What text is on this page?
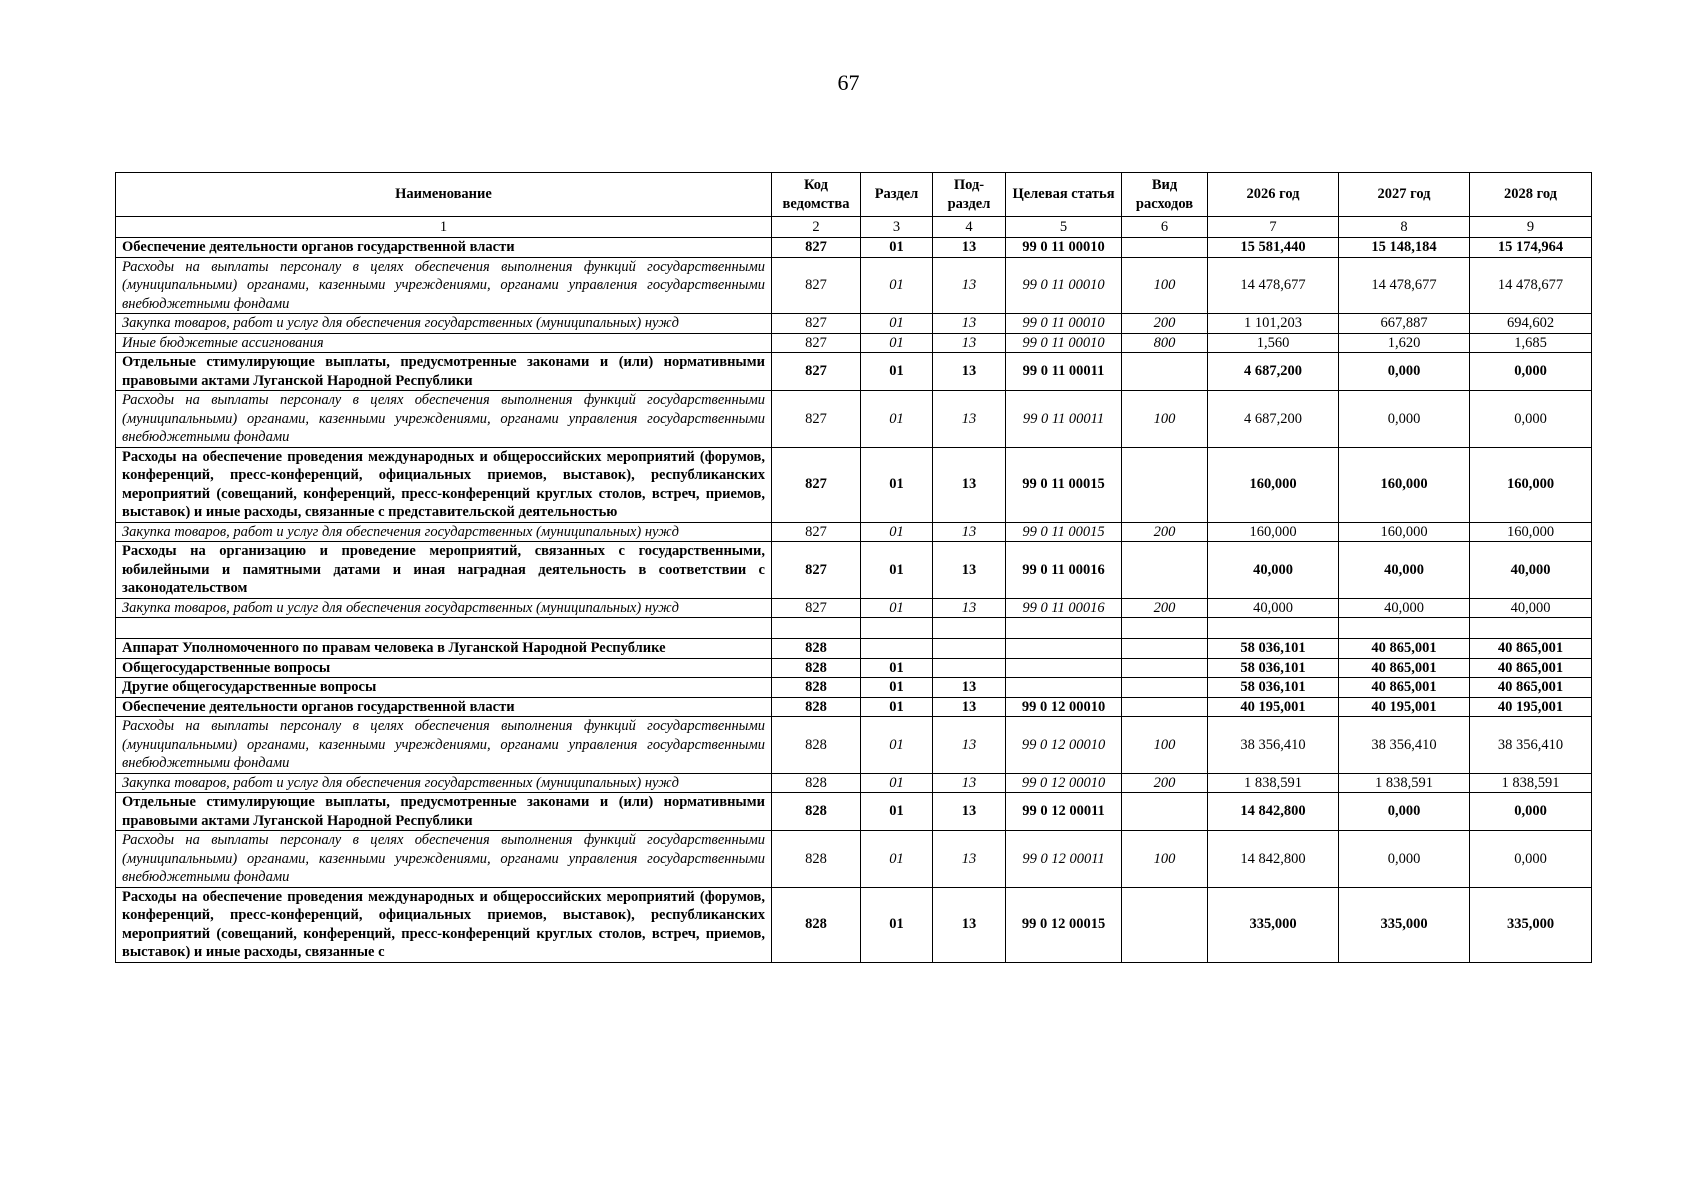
67
Наименование	Код ведомства	Раздел	Под-раздел	Целевая статья	Вид расходов	2026 год	2027 год	2028 год
1	2	3	4	5	6	7	8	9
Обеспечение деятельности органов государственной власти	827	01	13	99 0 11 00010		15 581,440	15 148,184	15 174,964
Расходы на выплаты персоналу в целях обеспечения выполнения функций государственными (муниципальными) органами, казенными учреждениями, органами управления государственными внебюджетными фондами	827	01	13	99 0 11 00010	100	14 478,677	14 478,677	14 478,677
Закупка товаров, работ и услуг для обеспечения государственных (муниципальных) нужд	827	01	13	99 0 11 00010	200	1 101,203	667,887	694,602
Иные бюджетные ассигнования	827	01	13	99 0 11 00010	800	1,560	1,620	1,685
Отдельные стимулирующие выплаты, предусмотренные законами и (или) нормативными правовыми актами Луганской Народной Республики	827	01	13	99 0 11 00011		4 687,200	0,000	0,000
Расходы на выплаты персоналу в целях обеспечения выполнения функций государственными (муниципальными) органами, казенными учреждениями, органами управления государственными внебюджетными фондами	827	01	13	99 0 11 00011	100	4 687,200	0,000	0,000
Расходы на обеспечение проведения международных и общероссийских мероприятий (форумов, конференций, пресс-конференций, официальных приемов, выставок), республиканских мероприятий (совещаний, конференций, пресс-конференций круглых столов, встреч, приемов, выставок) и иные расходы, связанные с представительской деятельностью	827	01	13	99 0 11 00015		160,000	160,000	160,000
Закупка товаров, работ и услуг для обеспечения государственных (муниципальных) нужд	827	01	13	99 0 11 00015	200	160,000	160,000	160,000
Расходы на организацию и проведение мероприятий, связанных с государственными, юбилейными и памятными датами и иная наградная деятельность в соответствии с законодательством	827	01	13	99 0 11 00016		40,000	40,000	40,000
Закупка товаров, работ и услуг для обеспечения государственных (муниципальных) нужд	827	01	13	99 0 11 00016	200	40,000	40,000	40,000

Аппарат Уполномоченного по правам человека в Луганской Народной Республике	828					58 036,101	40 865,001	40 865,001
Общегосударственные вопросы	828	01				58 036,101	40 865,001	40 865,001
Другие общегосударственные вопросы	828	01	13			58 036,101	40 865,001	40 865,001
Обеспечение деятельности органов государственной власти	828	01	13	99 0 12 00010		40 195,001	40 195,001	40 195,001
Расходы на выплаты персоналу в целях обеспечения выполнения функций государственными (муниципальными) органами, казенными учреждениями, органами управления государственными внебюджетными фондами	828	01	13	99 0 12 00010	100	38 356,410	38 356,410	38 356,410
Закупка товаров, работ и услуг для обеспечения государственных (муниципальных) нужд	828	01	13	99 0 12 00010	200	1 838,591	1 838,591	1 838,591
Отдельные стимулирующие выплаты, предусмотренные законами и (или) нормативными правовыми актами Луганской Народной Республики	828	01	13	99 0 12 00011		14 842,800	0,000	0,000
Расходы на выплаты персоналу в целях обеспечения выполнения функций государственными (муниципальными) органами, казенными учреждениями, органами управления государственными внебюджетными фондами	828	01	13	99 0 12 00011	100	14 842,800	0,000	0,000
Расходы на обеспечение проведения международных и общероссийских мероприятий (форумов, конференций, пресс-конференций, официальных приемов, выставок), республиканских мероприятий (совещаний, конференций, пресс-конференций круглых столов, встреч, приемов, выставок) и иные расходы, связанные с	828	01	13	99 0 12 00015		335,000	335,000	335,000
